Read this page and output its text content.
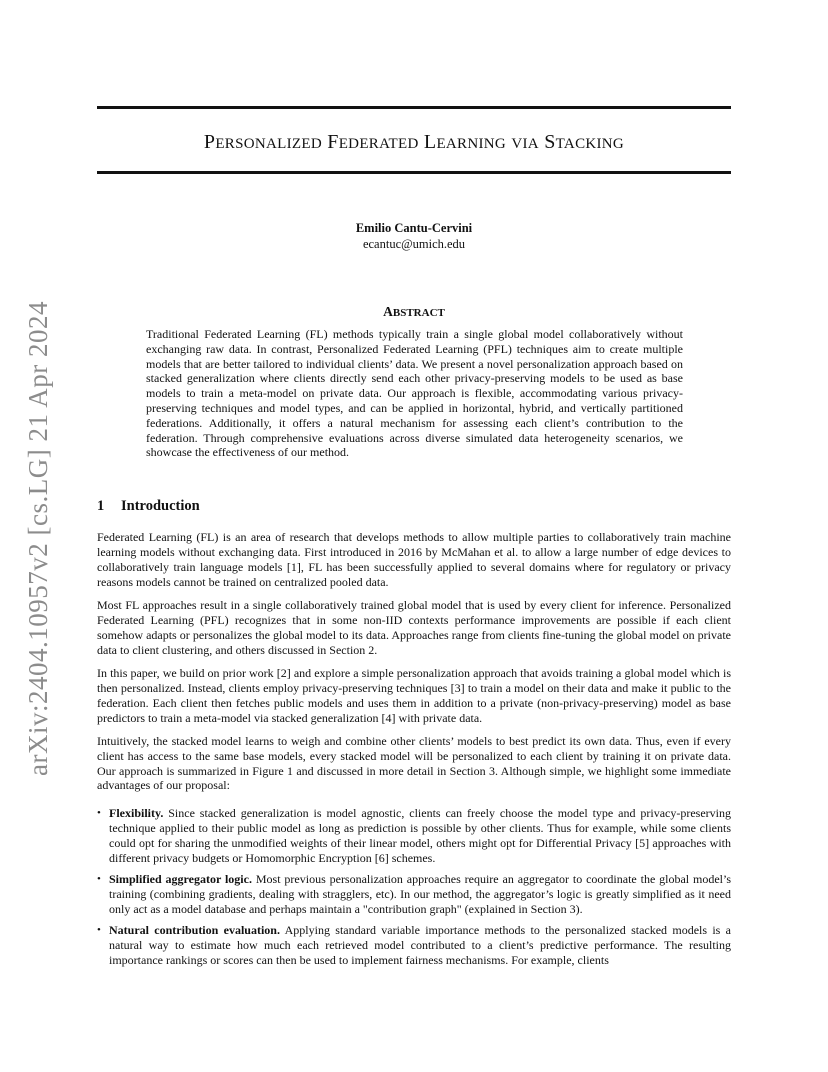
arXiv:2404.10957v2 [cs.LG] 21 Apr 2024
PERSONALIZED FEDERATED LEARNING VIA STACKING
Emilio Cantu-Cervini
ecantuc@umich.edu
ABSTRACT
Traditional Federated Learning (FL) methods typically train a single global model collaboratively without exchanging raw data. In contrast, Personalized Federated Learning (PFL) techniques aim to create multiple models that are better tailored to individual clients’ data. We present a novel personalization approach based on stacked generalization where clients directly send each other privacy-preserving models to be used as base models to train a meta-model on private data. Our approach is flexible, accommodating various privacy-preserving techniques and model types, and can be applied in horizontal, hybrid, and vertically partitioned federations. Additionally, it offers a natural mechanism for assessing each client’s contribution to the federation. Through comprehensive evaluations across diverse simulated data heterogeneity scenarios, we showcase the effectiveness of our method.
1 Introduction

Federated Learning (FL) is an area of research that develops methods to allow multiple parties to collaboratively train machine learning models without exchanging data. First introduced in 2016 by McMahan et al. to allow a large number of edge devices to collaboratively train language models [1], FL has been successfully applied to several domains where for regulatory or privacy reasons models cannot be trained on centralized pooled data.

Most FL approaches result in a single collaboratively trained global model that is used by every client for inference. Personalized Federated Learning (PFL) recognizes that in some non-IID contexts performance improvements are possible if each client somehow adapts or personalizes the global model to its data. Approaches range from clients fine-tuning the global model on private data to client clustering, and others discussed in Section 2.

In this paper, we build on prior work [2] and explore a simple personalization approach that avoids training a global model which is then personalized. Instead, clients employ privacy-preserving techniques [3] to train a model on their data and make it public to the federation. Each client then fetches public models and uses them in addition to a private (non-privacy-preserving) model as base predictors to train a meta-model via stacked generalization [4] with private data.

Intuitively, the stacked model learns to weigh and combine other clients’ models to best predict its own data. Thus, even if every client has access to the same base models, every stacked model will be personalized to each client by training it on private data. Our approach is summarized in Figure 1 and discussed in more detail in Section 3. Although simple, we highlight some immediate advantages of our proposal:

• Flexibility. Since stacked generalization is model agnostic, clients can freely choose the model type and privacy-preserving technique applied to their public model as long as prediction is possible by other clients. Thus for example, while some clients could opt for sharing the unmodified weights of their linear model, others might opt for Differential Privacy [5] approaches with different privacy budgets or Homomorphic Encryption [6] schemes.
• Simplified aggregator logic. Most previous personalization approaches require an aggregator to coordinate the global model’s training (combining gradients, dealing with stragglers, etc). In our method, the aggregator’s logic is greatly simplified as it need only act as a model database and perhaps maintain a "contribution graph" (explained in Section 3).
• Natural contribution evaluation. Applying standard variable importance methods to the personalized stacked models is a natural way to estimate how much each retrieved model contributed to a client’s predictive performance. The resulting importance rankings or scores can then be used to implement fairness mechanisms. For example, clients
